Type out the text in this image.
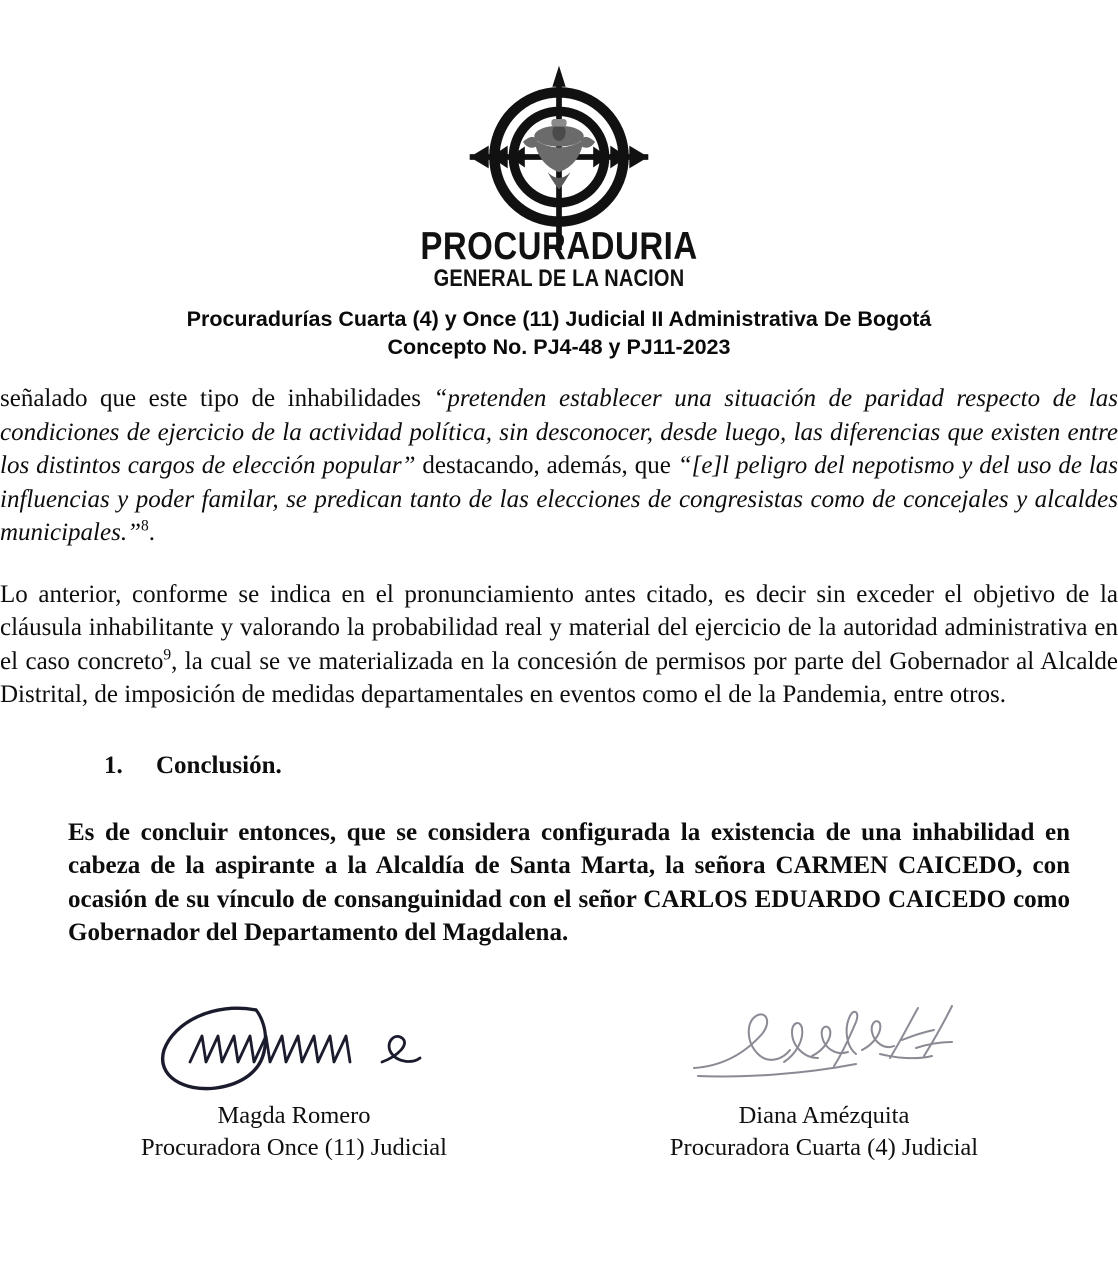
PROCURADURIA
GENERAL DE LA NACION
Procuradurías Cuarta (4) y Once (11) Judicial II Administrativa De Bogotá
Concepto No. PJ4-48 y PJ11-2023

señalado que este tipo de inhabilidades “pretenden establecer una situación de paridad respecto de las condiciones de ejercicio de la actividad política, sin desconocer, desde luego, las diferencias que existen entre los distintos cargos de elección popular” destacando, además, que “[e]l peligro del nepotismo y del uso de las influencias y poder familar, se predican tanto de las elecciones de congresistas como de concejales y alcaldes municipales.”$^8$.

Lo anterior, conforme se indica en el pronunciamiento antes citado, es decir sin exceder el objetivo de la cláusula inhabilitante y valorando la probabilidad real y material del ejercicio de la autoridad administrativa en el caso concreto$^9$, la cual se ve materializada en la concesión de permisos por parte del Gobernador al Alcalde Distrital, de imposición de medidas departamentales en eventos como el de la Pandemia, entre otros.

1.	Conclusión.

Es de concluir entonces, que se considera configurada la existencia de una inhabilidad en cabeza de la aspirante a la Alcaldía de Santa Marta, la señora CARMEN CAICEDO, con ocasión de su vínculo de consanguinidad con el señor CARLOS EDUARDO CAICEDO como Gobernador del Departamento del Magdalena.

Magda Romero
Procuradora Once (11) Judicial
Diana Amézquita
Procuradora Cuarta (4) Judicial
